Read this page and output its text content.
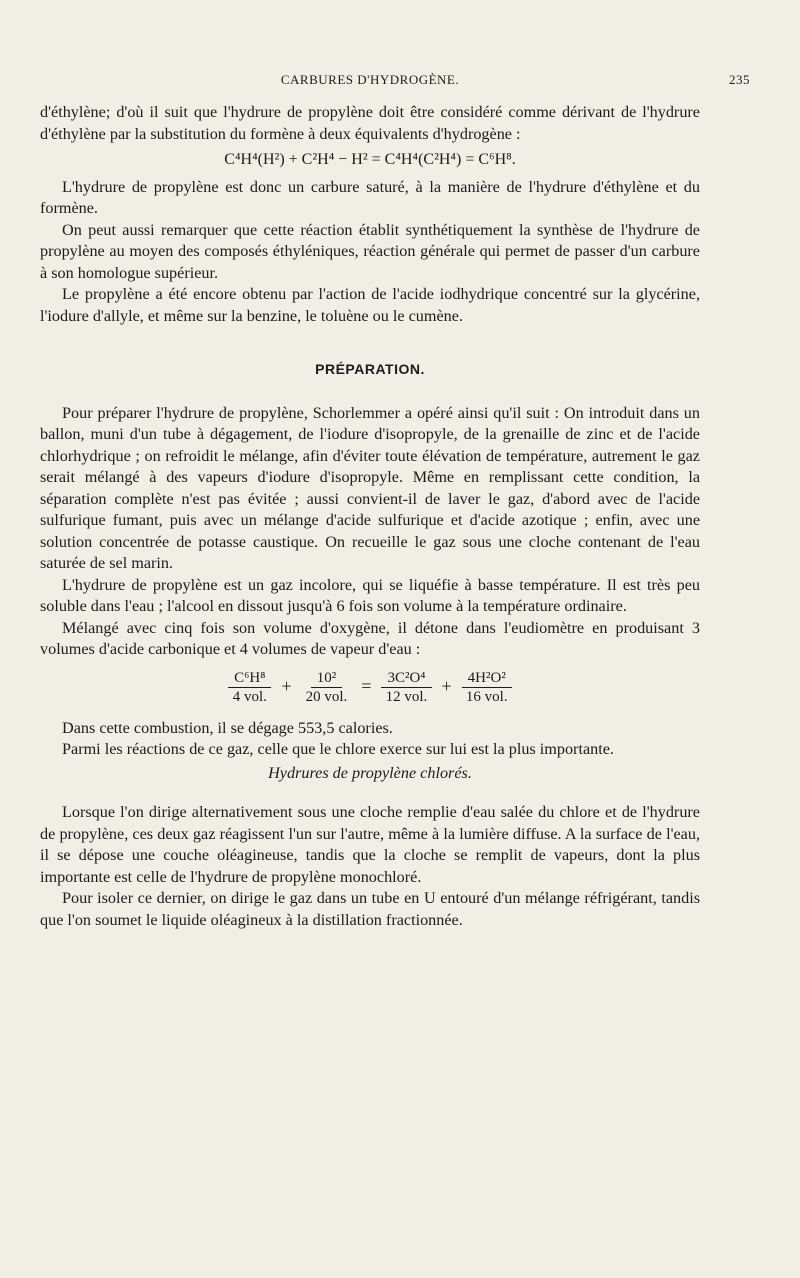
CARBURES D'HYDROGÈNE.	235

d'éthylène; d'où il suit que l'hydrure de propylène doit être considéré comme dérivant de l'hydrure d'éthylène par la substitution du formène à deux équivalents d'hydrogène :

C⁴H⁴(H²) + C²H⁴ − H² = C⁴H⁴(C²H⁴) = C⁶H⁸.

L'hydrure de propylène est donc un carbure saturé, à la manière de l'hydrure d'éthylène et du formène.

On peut aussi remarquer que cette réaction établit synthétiquement la synthèse de l'hydrure de propylène au moyen des composés éthyléniques, réaction générale qui permet de passer d'un carbure à son homologue supérieur.

Le propylène a été encore obtenu par l'action de l'acide iodhydrique concentré sur la glycérine, l'iodure d'allyle, et même sur la benzine, le toluène ou le cumène.

PRÉPARATION.

Pour préparer l'hydrure de propylène, Schorlemmer a opéré ainsi qu'il suit : On introduit dans un ballon, muni d'un tube à dégagement, de l'iodure d'isopropyle, de la grenaille de zinc et de l'acide chlorhydrique ; on refroidit le mélange, afin d'éviter toute élévation de température, autrement le gaz serait mélangé à des vapeurs d'iodure d'isopropyle. Même en remplissant cette condition, la séparation complète n'est pas évitée ; aussi convient-il de laver le gaz, d'abord avec de l'acide sulfurique fumant, puis avec un mélange d'acide sulfurique et d'acide azotique ; enfin, avec une solution concentrée de potasse caustique. On recueille le gaz sous une cloche contenant de l'eau saturée de sel marin.

L'hydrure de propylène est un gaz incolore, qui se liquéfie à basse température. Il est très peu soluble dans l'eau ; l'alcool en dissout jusqu'à 6 fois son volume à la température ordinaire.

Mélangé avec cinq fois son volume d'oxygène, il détone dans l'eudiomètre en produisant 3 volumes d'acide carbonique et 4 volumes de vapeur d'eau :

$\frac{\text{C⁶H⁸}}{\text{4 vol.}} + \frac{\text{10²}}{\text{20 vol.}} = \frac{\text{3C²O⁴}}{\text{12 vol.}} + \frac{\text{4H²O²}}{\text{16 vol.}}$

Dans cette combustion, il se dégage 553,5 calories.

Parmi les réactions de ce gaz, celle que le chlore exerce sur lui est la plus importante.

Hydrures de propylène chlorés.

Lorsque l'on dirige alternativement sous une cloche remplie d'eau salée du chlore et de l'hydrure de propylène, ces deux gaz réagissent l'un sur l'autre, même à la lumière diffuse. A la surface de l'eau, il se dépose une couche oléagineuse, tandis que la cloche se remplit de vapeurs, dont la plus importante est celle de l'hydrure de propylène monochloré.

Pour isoler ce dernier, on dirige le gaz dans un tube en U entouré d'un mélange réfrigérant, tandis que l'on soumet le liquide oléagineux à la distillation fractionnée.
